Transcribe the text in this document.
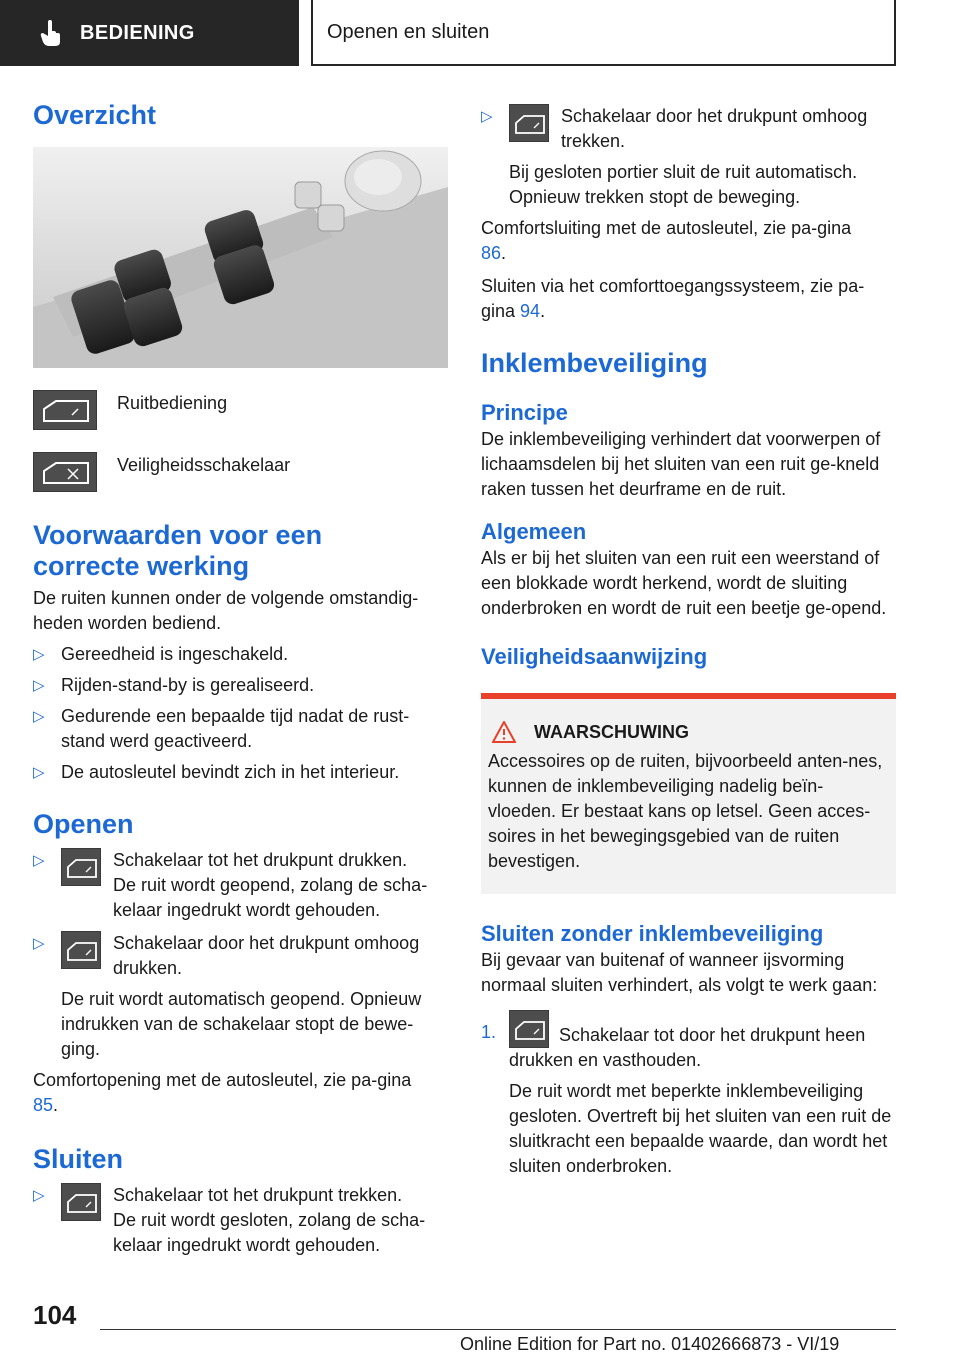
BEDIENING	Openen en sluiten
Overzicht
Ruitbediening
Veiligheidsschakelaar
Voorwaarden voor een correcte werking

De ruiten kunnen onder de volgende omstandig-heden worden bediend.

▷ Gereedheid is ingeschakeld.
▷ Rijden-stand-by is gerealiseerd.
▷ Gedurende een bepaalde tijd nadat de rust-stand werd geactiveerd.
▷ De autosleutel bevindt zich in het interieur.
Openen
▷	Schakelaar tot het drukpunt drukken.
De ruit wordt geopend, zolang de scha-kelaar ingedrukt wordt gehouden.
▷	Schakelaar door het drukpunt omhoog drukken.
De ruit wordt automatisch geopend. Opnieuw indrukken van de schakelaar stopt de bewe-ging.

Comfortopening met de autosleutel, zie pa-gina 85.

Sluiten
▷	Schakelaar tot het drukpunt trekken.
De ruit wordt gesloten, zolang de scha-kelaar ingedrukt wordt gehouden.
▷	Schakelaar door het drukpunt omhoog trekken.
Bij gesloten portier sluit de ruit automatisch. Opnieuw trekken stopt de beweging.

Comfortsluiting met de autosleutel, zie pa-gina 86.

Sluiten via het comforttoegangssysteem, zie pa-gina 94.

Inklembeveiliging
Principe

De inklembeveiliging verhindert dat voorwerpen of lichaamsdelen bij het sluiten van een ruit ge-kneld raken tussen het deurframe en de ruit.

Algemeen

Als er bij het sluiten van een ruit een weerstand of een blokkade wordt herkend, wordt de sluiting onderbroken en wordt de ruit een beetje ge-opend.

Veiligheidsaanwijzing
WAARSCHUWING

Accessoires op de ruiten, bijvoorbeeld anten-nes, kunnen de inklembeveiliging nadelig beïn-vloeden. Er bestaat kans op letsel. Geen acces-soires in het bewegingsgebied van de ruiten bevestigen.

Sluiten zonder inklembeveiliging

Bij gevaar van buitenaf of wanneer ijsvorming normaal sluiten verhindert, als volgt te werk gaan:

1.	Schakelaar tot door het drukpunt heen drukken en vasthouden.
De ruit wordt met beperkte inklembeveiliging gesloten. Overtreft bij het sluiten van een ruit de sluitkracht een bepaalde waarde, dan wordt het sluiten onderbroken.
104
Online Edition for Part no. 01402666873 - VI/19
